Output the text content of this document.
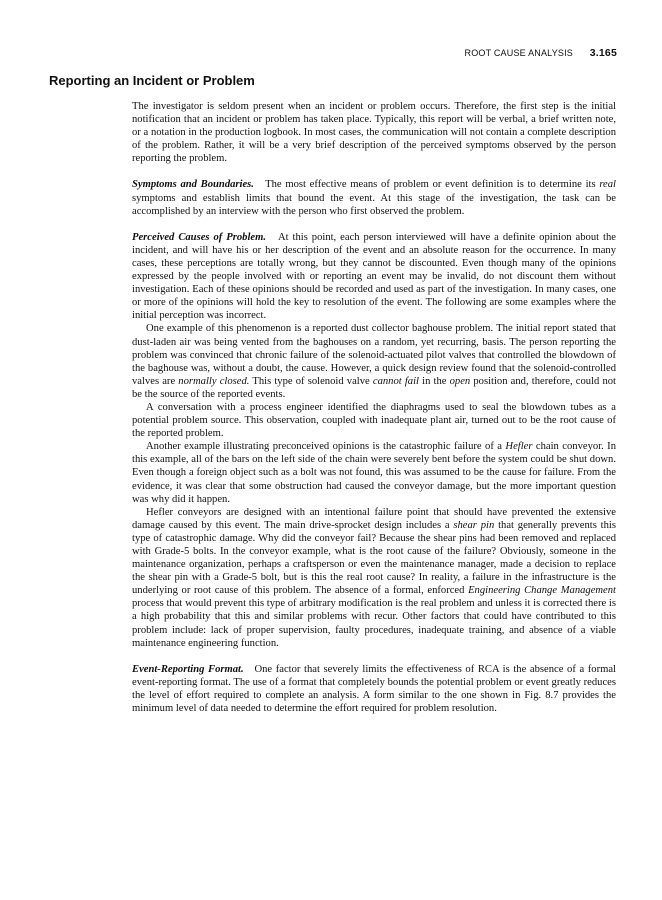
ROOT CAUSE ANALYSIS 3.165
Reporting an Incident or Problem

The investigator is seldom present when an incident or problem occurs. Therefore, the first step is the initial notification that an incident or problem has taken place. Typically, this report will be verbal, a brief written note, or a notation in the production logbook. In most cases, the communication will not contain a complete description of the problem. Rather, it will be a very brief description of the perceived symptoms observed by the person reporting the problem.

Symptoms and Boundaries. The most effective means of problem or event definition is to determine its real symptoms and establish limits that bound the event. At this stage of the investigation, the task can be accomplished by an interview with the person who first observed the problem.

Perceived Causes of Problem. At this point, each person interviewed will have a definite opinion about the incident, and will have his or her description of the event and an absolute reason for the occurrence. In many cases, these perceptions are totally wrong, but they cannot be discounted. Even though many of the opinions expressed by the people involved with or reporting an event may be invalid, do not discount them without investigation. Each of these opinions should be recorded and used as part of the investigation. In many cases, one or more of the opinions will hold the key to resolution of the event. The following are some examples where the initial perception was incorrect.

One example of this phenomenon is a reported dust collector baghouse problem. The initial report stated that dust-laden air was being vented from the baghouses on a random, yet recurring, basis. The person reporting the problem was convinced that chronic failure of the solenoid-actuated pilot valves that controlled the blowdown of the baghouse was, without a doubt, the cause. However, a quick design review found that the solenoid-controlled valves are normally closed. This type of solenoid valve cannot fail in the open position and, therefore, could not be the source of the reported events.

A conversation with a process engineer identified the diaphragms used to seal the blowdown tubes as a potential problem source. This observation, coupled with inadequate plant air, turned out to be the root cause of the reported problem.

Another example illustrating preconceived opinions is the catastrophic failure of a Hefler chain conveyor. In this example, all of the bars on the left side of the chain were severely bent before the system could be shut down. Even though a foreign object such as a bolt was not found, this was assumed to be the cause for failure. From the evidence, it was clear that some obstruction had caused the conveyor damage, but the more important question was why did it happen.

Hefler conveyors are designed with an intentional failure point that should have prevented the extensive damage caused by this event. The main drive-sprocket design includes a shear pin that generally prevents this type of catastrophic damage. Why did the conveyor fail? Because the shear pins had been removed and replaced with Grade-5 bolts. In the conveyor example, what is the root cause of the failure? Obviously, someone in the maintenance organization, perhaps a craftsperson or even the maintenance manager, made a decision to replace the shear pin with a Grade-5 bolt, but is this the real root cause? In reality, a failure in the infrastructure is the underlying or root cause of this problem. The absence of a formal, enforced Engineering Change Management process that would prevent this type of arbitrary modification is the real problem and unless it is corrected there is a high probability that this and similar problems with recur. Other factors that could have contributed to this problem include: lack of proper supervision, faulty procedures, inadequate training, and absence of a viable maintenance engineering function.

Event-Reporting Format. One factor that severely limits the effectiveness of RCA is the absence of a formal event-reporting format. The use of a format that completely bounds the potential problem or event greatly reduces the level of effort required to complete an analysis. A form similar to the one shown in Fig. 8.7 provides the minimum level of data needed to determine the effort required for problem resolution.
